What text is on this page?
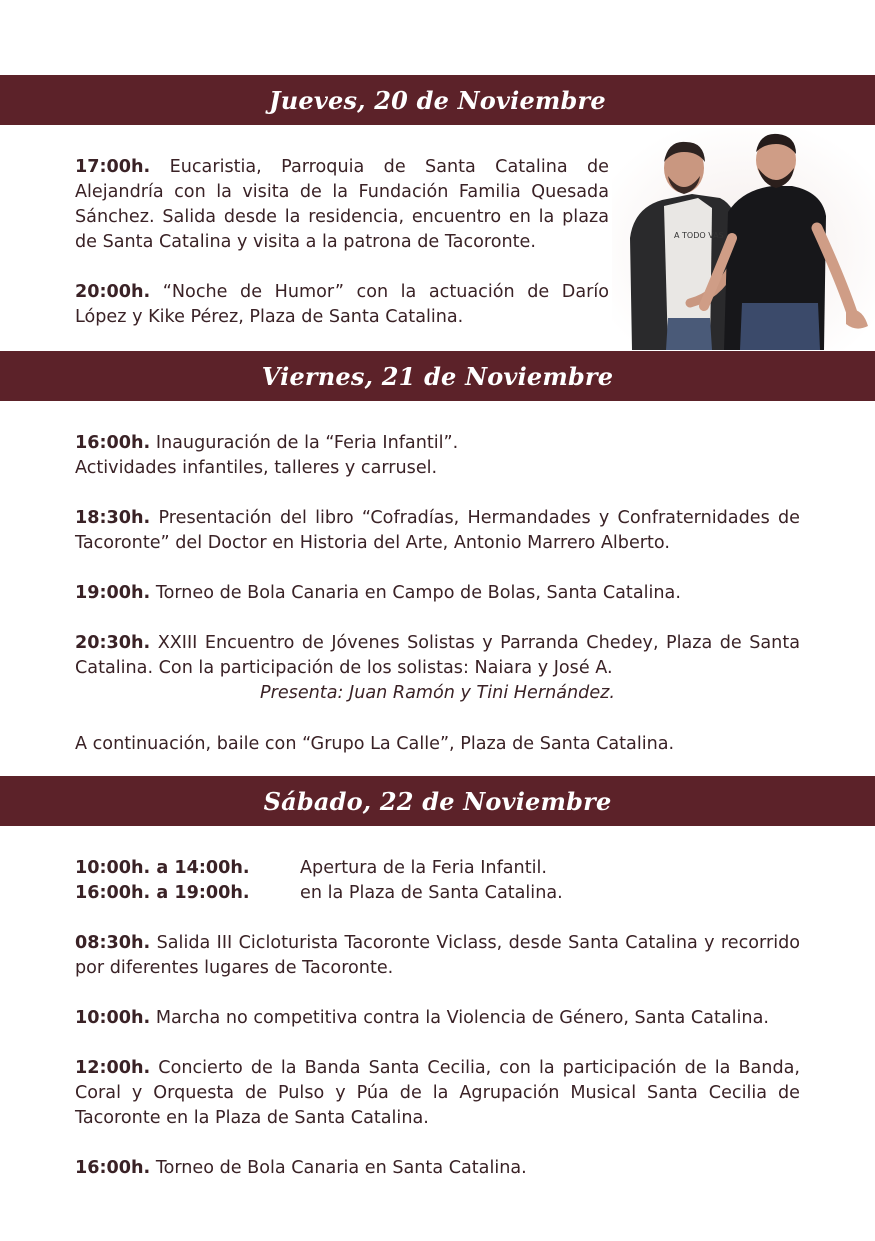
Jueves, 20 de Noviembre

17:00h. Eucaristia, Parroquia de Santa Catalina de Alejandría con la visita de la Fundación Familia Quesada Sánchez. Salida desde la residencia, encuentro en la plaza de Santa Catalina y visita a la patrona de Tacoronte.

20:00h. “Noche de Humor” con la actuación de Darío López y Kike Pérez, Plaza de Santa Catalina.

A TODO VAS
Viernes, 21 de Noviembre

16:00h. Inauguración de la “Feria Infantil”.
Actividades infantiles, talleres y carrusel.

18:30h. Presentación del libro “Cofradías, Hermandades y Confraternidades de Tacoronte” del Doctor en Historia del Arte, Antonio Marrero Alberto.

19:00h. Torneo de Bola Canaria en Campo de Bolas, Santa Catalina.

20:30h. XXIII Encuentro de Jóvenes Solistas y Parranda Chedey, Plaza de Santa Catalina. Con la participación de los solistas: Naiara y José A.
Presenta: Juan Ramón y Tini Hernández.

A continuación, baile con “Grupo La Calle”, Plaza de Santa Catalina.

Sábado, 22 de Noviembre
10:00h. a 14:00h.	Apertura de la Feria Infantil.
16:00h. a 19:00h.	en la Plaza de Santa Catalina.

08:30h. Salida III Cicloturista Tacoronte Viclass, desde Santa Catalina y recorrido por diferentes lugares de Tacoronte.

10:00h. Marcha no competitiva contra la Violencia de Género, Santa Catalina.

12:00h. Concierto de la Banda Santa Cecilia, con la participación de la Banda, Coral y Orquesta de Pulso y Púa de la Agrupación Musical Santa Cecilia de Tacoronte en la Plaza de Santa Catalina.

16:00h. Torneo de Bola Canaria en Santa Catalina.
